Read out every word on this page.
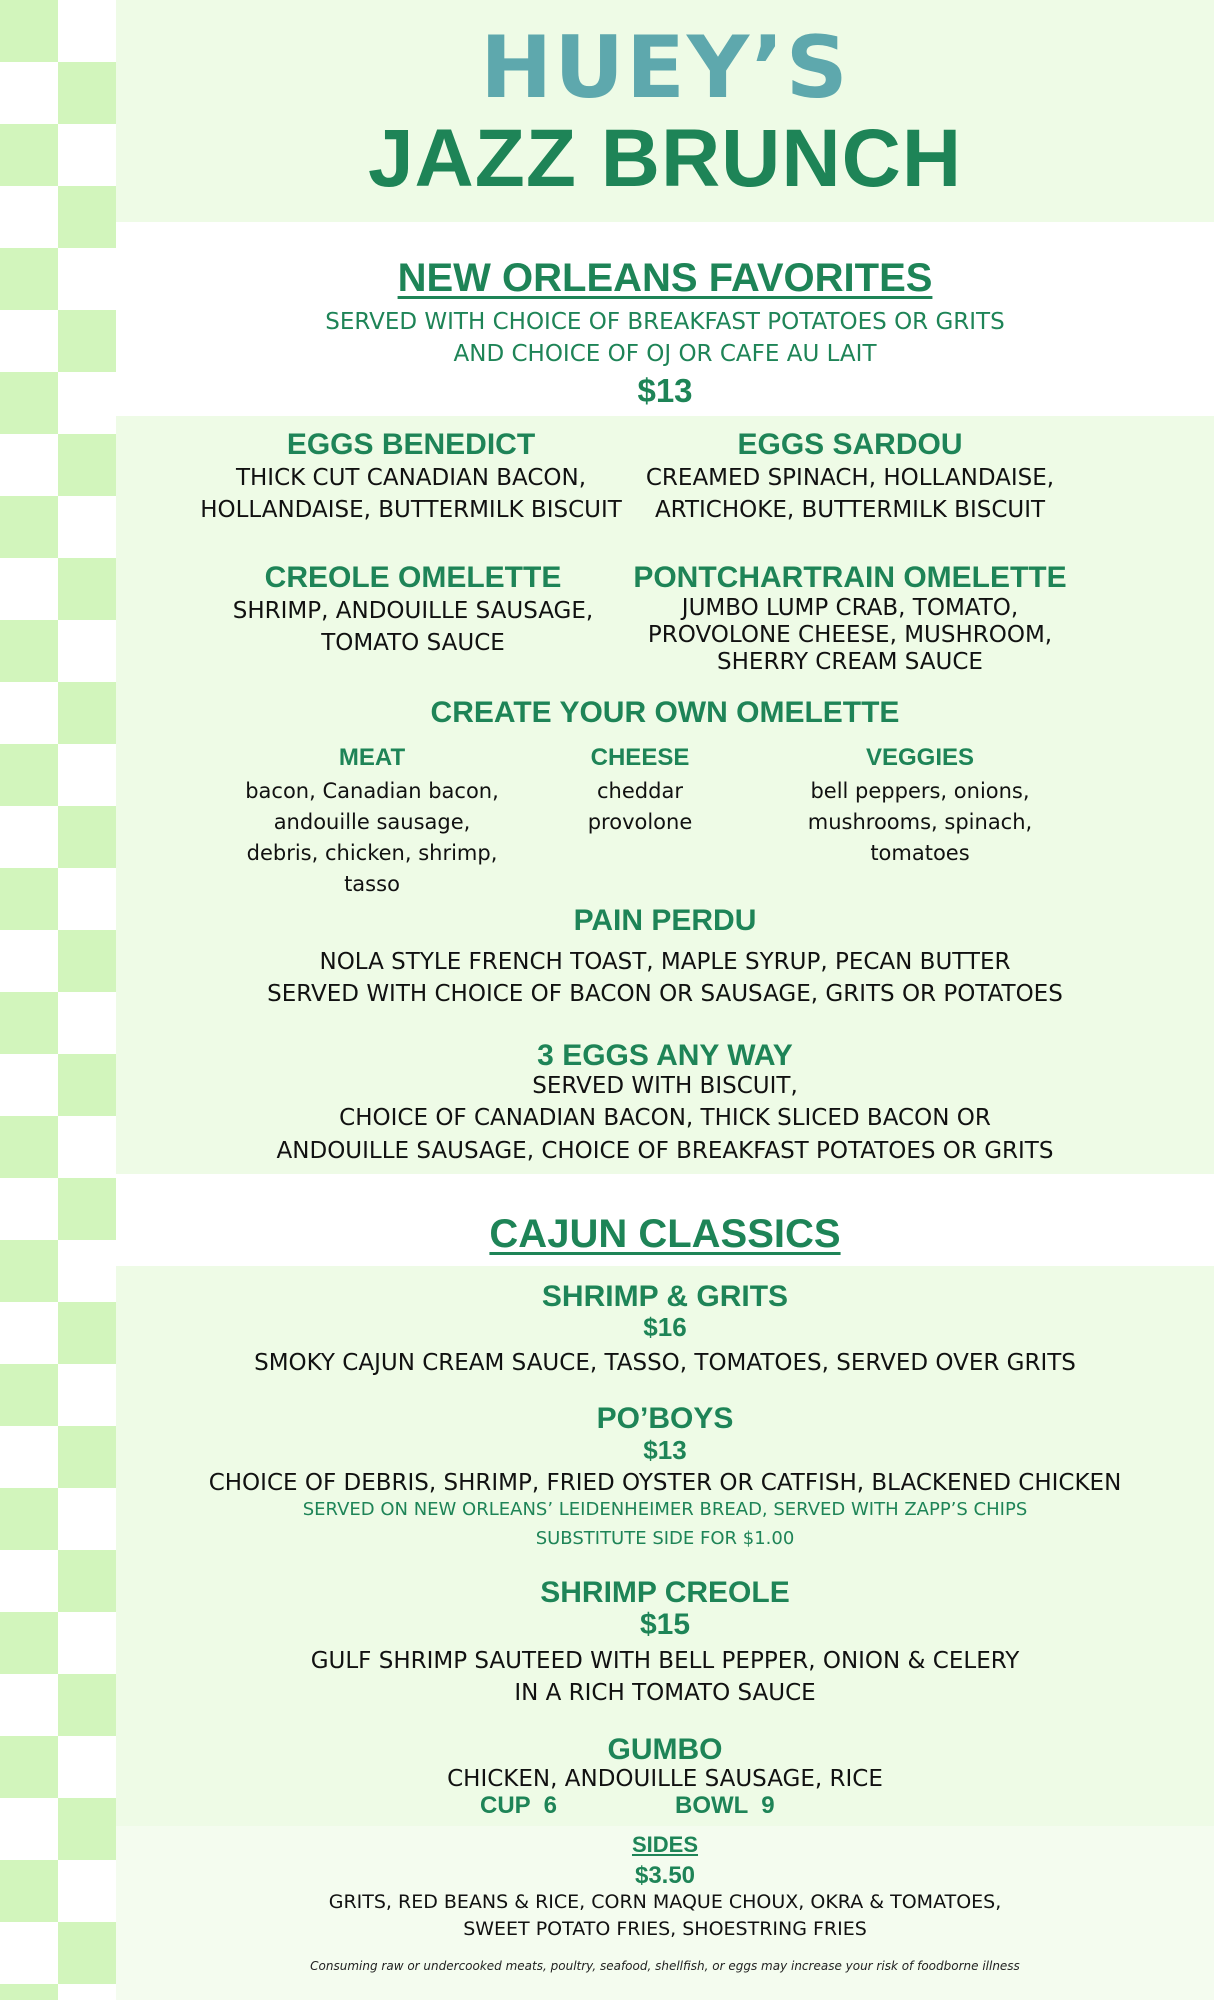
HUEY’S
JAZZ BRUNCH
NEW ORLEANS FAVORITES
SERVED WITH CHOICE OF BREAKFAST POTATOES OR GRITS
AND CHOICE OF OJ OR CAFE AU LAIT
$13
EGGS BENEDICT
THICK CUT CANADIAN BACON,
HOLLANDAISE, BUTTERMILK BISCUIT
EGGS SARDOU
CREAMED SPINACH, HOLLANDAISE,
ARTICHOKE, BUTTERMILK BISCUIT
CREOLE OMELETTE
SHRIMP, ANDOUILLE SAUSAGE,
TOMATO SAUCE
PONTCHARTRAIN OMELETTE
JUMBO LUMP CRAB, TOMATO,
PROVOLONE CHEESE, MUSHROOM,
SHERRY CREAM SAUCE
CREATE YOUR OWN OMELETTE
MEAT
bacon, Canadian bacon,
andouille sausage,
debris, chicken, shrimp,
tasso
CHEESE
cheddar
provolone
VEGGIES
bell peppers, onions,
mushrooms, spinach,
tomatoes
PAIN PERDU
NOLA STYLE FRENCH TOAST, MAPLE SYRUP, PECAN BUTTER
SERVED WITH CHOICE OF BACON OR SAUSAGE, GRITS OR POTATOES
3 EGGS ANY WAY
SERVED WITH BISCUIT,
CHOICE OF CANADIAN BACON, THICK SLICED BACON OR
ANDOUILLE SAUSAGE, CHOICE OF BREAKFAST POTATOES OR GRITS
CAJUN CLASSICS
SHRIMP & GRITS
$16
SMOKY CAJUN CREAM SAUCE, TASSO, TOMATOES, SERVED OVER GRITS
PO’BOYS
$13
CHOICE OF DEBRIS, SHRIMP, FRIED OYSTER OR CATFISH, BLACKENED CHICKEN
SERVED ON NEW ORLEANS’ LEIDENHEIMER BREAD, SERVED WITH ZAPP’S CHIPS
SUBSTITUTE SIDE FOR $1.00
SHRIMP CREOLE
$15
GULF SHRIMP SAUTEED WITH BELL PEPPER, ONION & CELERY
IN A RICH TOMATO SAUCE
GUMBO
CHICKEN, ANDOUILLE SAUSAGE, RICE
CUP  6	BOWL  9
SIDES
$3.50
GRITS, RED BEANS & RICE, CORN MAQUE CHOUX, OKRA & TOMATOES,
SWEET POTATO FRIES, SHOESTRING FRIES
Consuming raw or undercooked meats, poultry, seafood, shellfish, or eggs may increase your risk of foodborne illness
